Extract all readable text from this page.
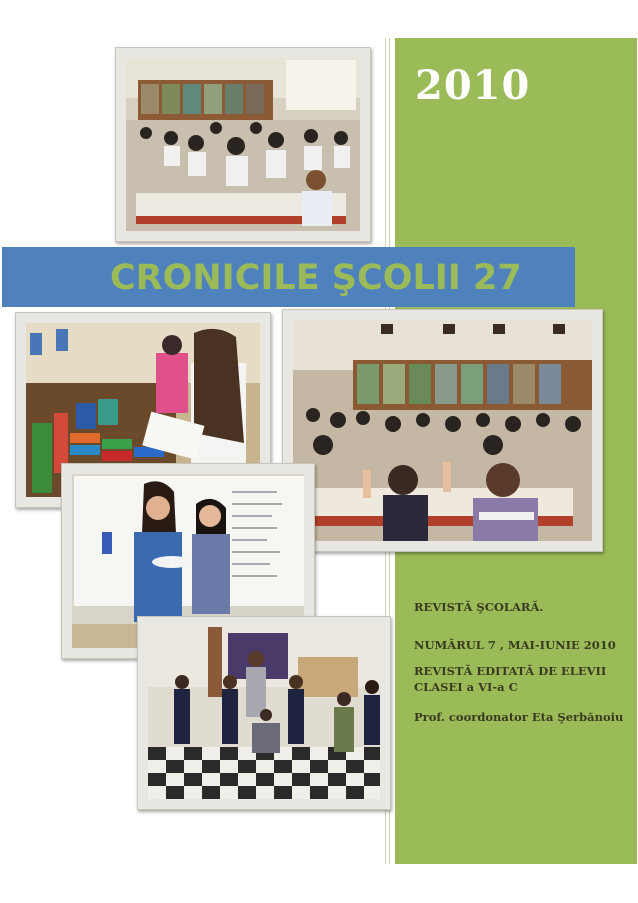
2010
CRONICILE ŞCOLII 27
REVISTĂ ŞCOLARĂ.
NUMĂRUL 7 , MAI-IUNIE 2010
REVISTĂ EDITATĂ DE ELEVII CLASEI a VI-a C
Prof. coordonator Eta Şerbănoiu
